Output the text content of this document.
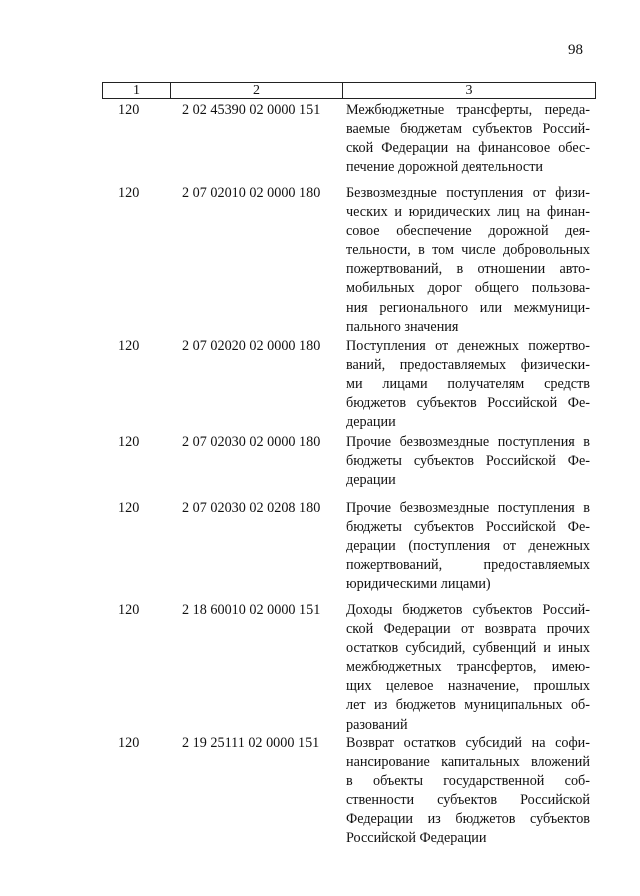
98
1	2	3
120	2 02 45390 02 0000 151	Межбюджетные трансферты, переда-
ваемые бюджетам субъектов Россий-
ской Федерации на финансовое обес-
печение дорожной деятельности
120	2 07 02010 02 0000 180	Безвозмездные поступления от физи-
ческих и юридических лиц на финан-
совое обеспечение дорожной дея-
тельности, в том числе добровольных
пожертвований, в отношении авто-
мобильных дорог общего пользова-
ния регионального или межмуници-
пального значения
120	2 07 02020 02 0000 180	Поступления от денежных пожертво-
ваний, предоставляемых физически-
ми лицами получателям средств
бюджетов субъектов Российской Фе-
дерации
120	2 07 02030 02 0000 180	Прочие безвозмездные поступления в
бюджеты субъектов Российской Фе-
дерации
120	2 07 02030 02 0208 180	Прочие безвозмездные поступления в
бюджеты субъектов Российской Фе-
дерации (поступления от денежных
пожертвований, предоставляемых
юридическими лицами)
120	2 18 60010 02 0000 151	Доходы бюджетов субъектов Россий-
ской Федерации от возврата прочих
остатков субсидий, субвенций и иных
межбюджетных трансфертов, имею-
щих целевое назначение, прошлых
лет из бюджетов муниципальных об-
разований
120	2 19 25111 02 0000 151	Возврат остатков субсидий на софи-
нансирование капитальных вложений
в объекты государственной соб-
ственности субъектов Российской
Федерации из бюджетов субъектов
Российской Федерации
